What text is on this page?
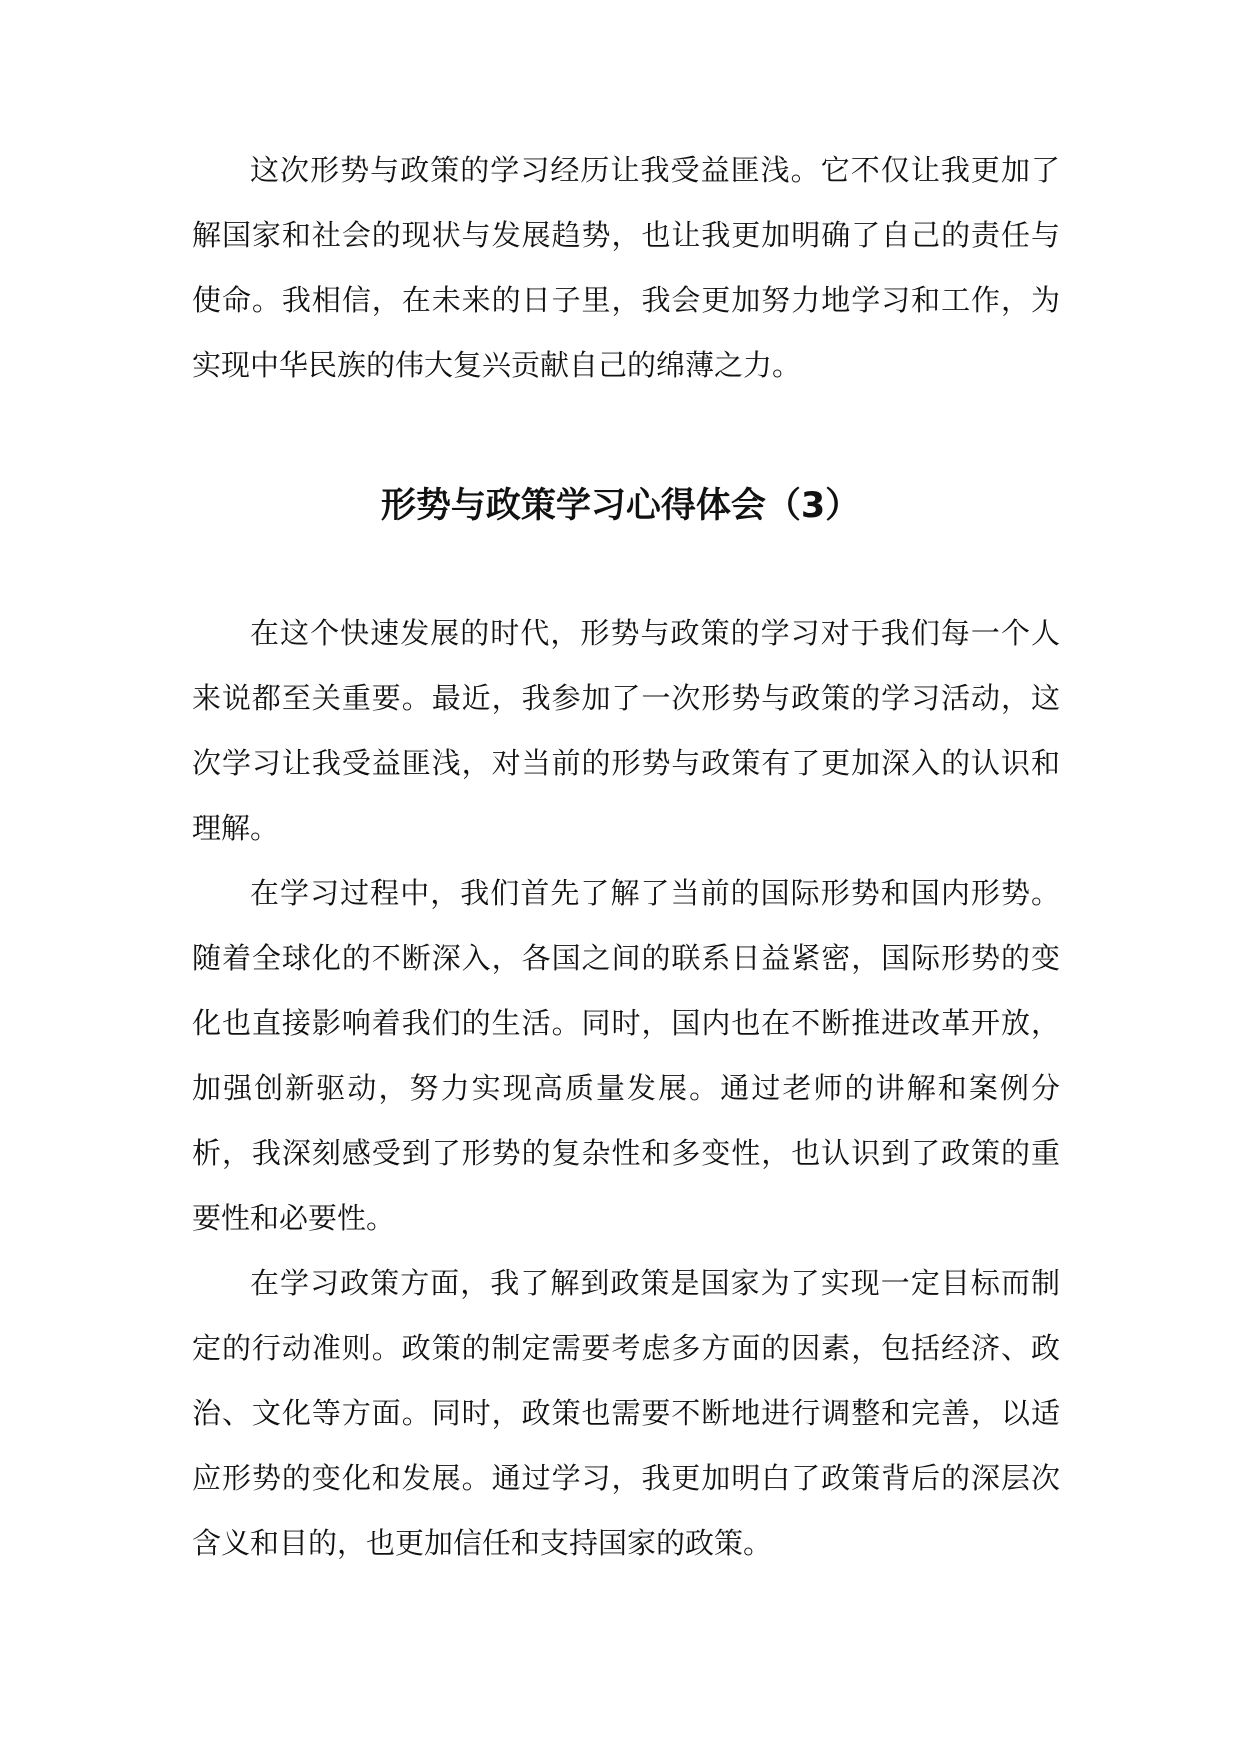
这次形势与政策的学习经历让我受益匪浅。它不仅让我更加了解国家和社会的现状与发展趋势，也让我更加明确了自己的责任与使命。我相信，在未来的日子里，我会更加努力地学习和工作，为实现中华民族的伟大复兴贡献自己的绵薄之力。

形势与政策学习心得体会（3）

在这个快速发展的时代，形势与政策的学习对于我们每一个人来说都至关重要。最近，我参加了一次形势与政策的学习活动，这次学习让我受益匪浅，对当前的形势与政策有了更加深入的认识和理解。

在学习过程中，我们首先了解了当前的国际形势和国内形势。随着全球化的不断深入，各国之间的联系日益紧密，国际形势的变化也直接影响着我们的生活。同时，国内也在不断推进改革开放，加强创新驱动，努力实现高质量发展。通过老师的讲解和案例分析，我深刻感受到了形势的复杂性和多变性，也认识到了政策的重要性和必要性。

在学习政策方面，我了解到政策是国家为了实现一定目标而制定的行动准则。政策的制定需要考虑多方面的因素，包括经济、政治、文化等方面。同时，政策也需要不断地进行调整和完善，以适应形势的变化和发展。通过学习，我更加明白了政策背后的深层次含义和目的，也更加信任和支持国家的政策。
